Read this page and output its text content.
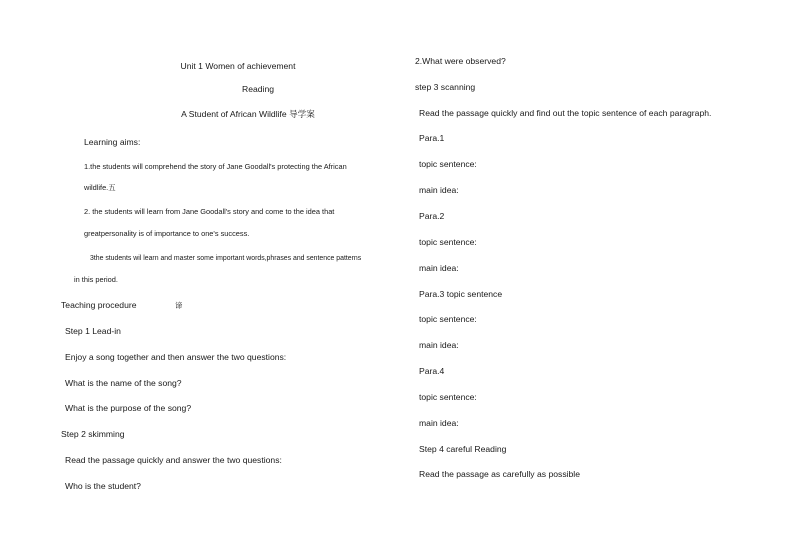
Unit 1 Women of achievement
Reading
A Student of African Wildlife 导学案
Learning aims:
1.the students will comprehend the story of Jane Goodall's protecting the African
wildlife.五
2. the students will learn from Jane Goodall's story and come to the idea that
greatpersonality is of importance to one's success.
3the students wil learn and master some important words,phrases and sentence patterns
in this period.
Teaching procedure	谛
Step 1 Lead-in
Enjoy a song together and then answer the two questions:
What is the name of the song?
What is the purpose of the song?
Step 2 skimming
Read the passage quickly and answer the two questions:
Who is the student?
2.What were observed?
step 3 scanning
Read the passage quickly and find out the topic sentence of each paragraph.
Para.1
topic sentence:
main idea:
Para.2
topic sentence:
main idea:
Para.3 topic sentence
topic sentence:
main idea:
Para.4
topic sentence:
main idea:
Step 4 careful Reading
Read the passage as carefully as possible
